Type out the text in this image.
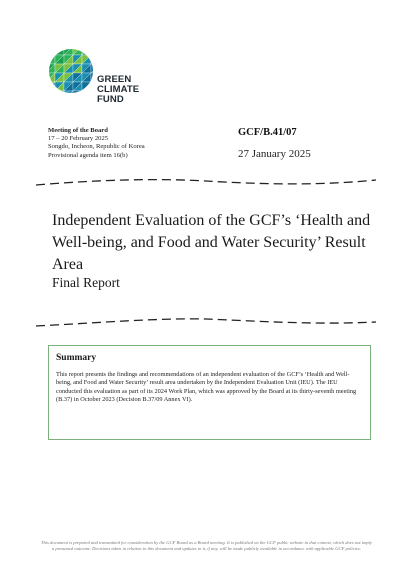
GREEN
CLIMATE
FUND
Meeting of the Board
17 – 20 February 2025
Songdo, Incheon, Republic of Korea
Provisional agenda item 16(b)
GCF/B.41/07
27 January 2025
Independent Evaluation of the GCF’s ‘Health and Well-being, and Food and Water Security’ Result Area
Final Report
Summary
This report presents the findings and recommendations of an independent evaluation of the GCF’s ‘Health and Well-being, and Food and Water Security’ result area undertaken by the Independent Evaluation Unit (IEU). The IEU conducted this evaluation as part of its 2024 Work Plan, which was approved by the Board at its thirty-seventh meeting (B.37) in October 2023 (Decision B.37/09 Annex VI).
This document is prepared and transmitted for consideration by the GCF Board as a Board meeting. It is published on the GCF public website in that context, which does not imply a presumed outcome. Decisions taken in relation to this document and updates to it, if any, will be made publicly available in accordance with applicable GCF policies.
